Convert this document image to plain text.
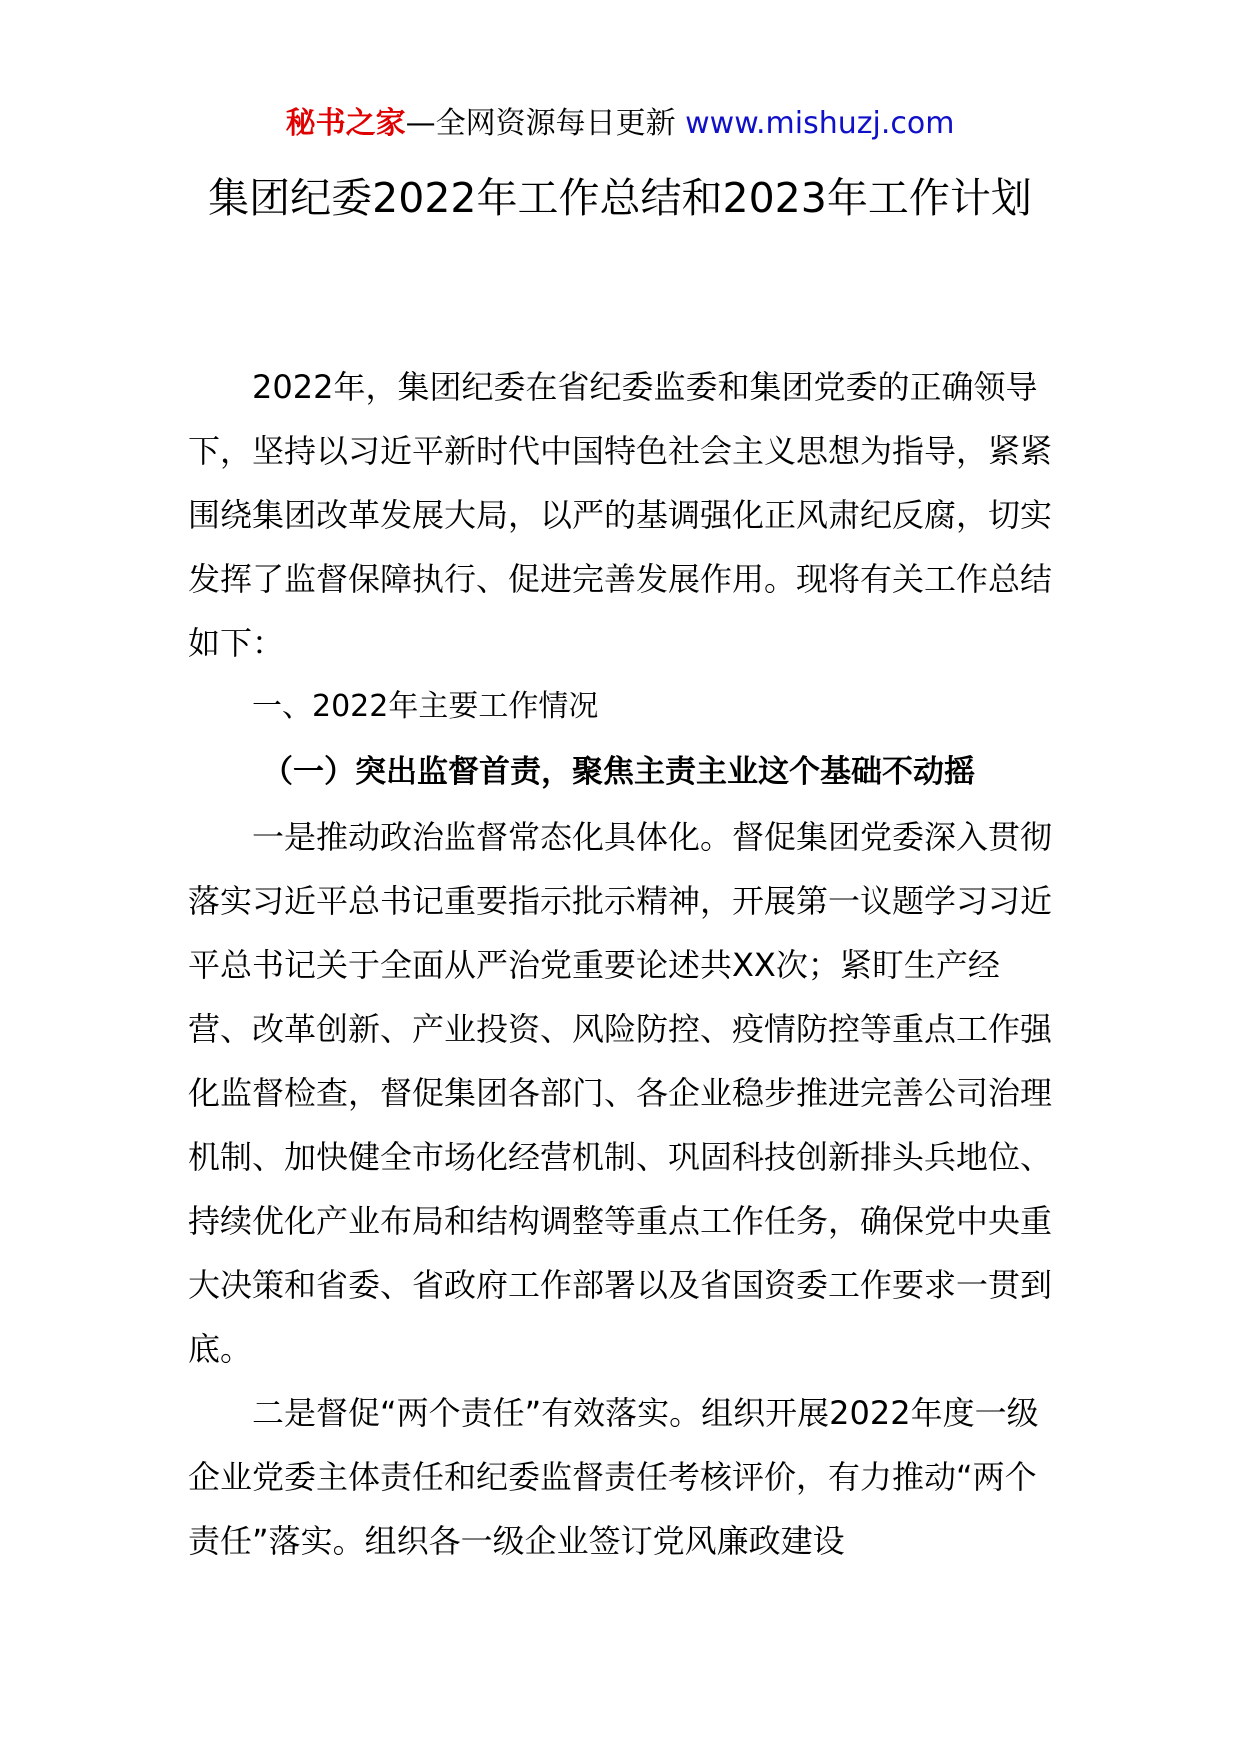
秘书之家—全网资源每日更新 www.mishuzj.com
集团纪委2022年工作总结和2023年工作计划

2022年，集团纪委在省纪委监委和集团党委的正确领导下，坚持以习近平新时代中国特色社会主义思想为指导，紧紧围绕集团改革发展大局，以严的基调强化正风肃纪反腐，切实发挥了监督保障执行、促进完善发展作用。现将有关工作总结如下：

一、2022年主要工作情况

（一）突出监督首责，聚焦主责主业这个基础不动摇

一是推动政治监督常态化具体化。督促集团党委深入贯彻落实习近平总书记重要指示批示精神，开展第一议题学习习近平总书记关于全面从严治党重要论述共XX次；紧盯生产经营、改革创新、产业投资、风险防控、疫情防控等重点工作强化监督检查，督促集团各部门、各企业稳步推进完善公司治理机制、加快健全市场化经营机制、巩固科技创新排头兵地位、持续优化产业布局和结构调整等重点工作任务，确保党中央重大决策和省委、省政府工作部署以及省国资委工作要求一贯到底。

二是督促“两个责任”有效落实。组织开展2022年度一级企业党委主体责任和纪委监督责任考核评价，有力推动“两个责任”落实。组织各一级企业签订党风廉政建设
